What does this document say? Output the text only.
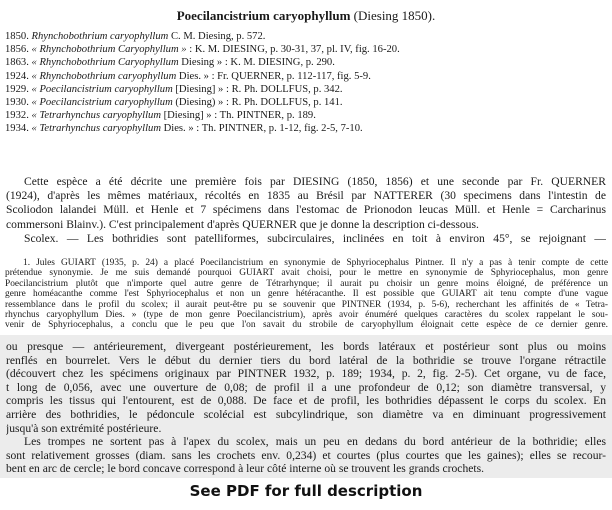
Poecilancistrium caryophyllum (Diesing 1850).
1850. Rhynchobothrium caryophyllum C. M. Diesing, p. 572.
1856. « Rhynchobothrium Caryophyllum » : K. M. DIESING, p. 30-31, 37, pl. IV, fig. 16-20.
1863. « Rhynchobothrium Caryophyllum Diesing » : K. M. DIESING, p. 290.
1924. « Rhynchobothrium caryophyllum Dies. » : Fr. QUERNER, p. 112-117, fig. 5-9.
1929. « Poecilancistrium caryophyllum [Diesing] » : R. Ph. DOLLFUS, p. 342.
1930. « Poecilancistrium caryophyllum (Diesing) » : R. Ph. DOLLFUS, p. 141.
1932. « Tetrarhynchus caryophyllum [Diesing] » : Th. PINTNER, p. 189.
1934. « Tetrarhynchus caryophyllum Dies. » : Th. PINTNER, p. 1-12, fig. 2-5, 7-10.
Cette espèce a été décrite une première fois par DIESING (1850, 1856) et une seconde par Fr. QUERNER
(1924), d'après les mêmes matériaux, récoltés en 1835 au Brésil par NATTERER (30 specimens dans l'intestin de
Scoliodon lalandei Müll. et Henle et 7 spécimens dans l'estomac de Prionodon leucas Müll. et Henle = Carcharinus
commersoni Blainv.). C'est principalement d'après QUERNER que je donne la description ci-dessous.
Scolex. — Les bothridies sont patelliformes, subcirculaires, inclinées en toit à environ 45°, se rejoignant —
1. Jules GUIART (1935, p. 24) a placé Poecilancistrium en synonymie de Sphyriocephalus Pintner. Il n'y a pas à tenir compte de cette
prétendue synonymie. Je me suis demandé pourquoi GUIART avait choisi, pour le mettre en synonymie de Sphyriocephalus, mon genre
Poecilancistrium plutôt que n'importe quel autre genre de Tétrarhynque; il aurait pu choisir un genre moins éloigné, de préférence un
genre homéacanthe comme l'est Sphyriocephalus et non un genre hétéracanthe. Il est possible que GUIART ait tenu compte d'une vague
ressemblance dans le profil du scolex; il aurait peut-être pu se souvenir que PINTNER (1934, p. 5-6), recherchant les affinités de « Tetra-
rhynchus caryophyllum Dies. » (type de mon genre Poecilancistrium), après avoir énuméré quelques caractères du scolex rappelant le sou-
venir de Sphyriocephalus, a conclu que le peu que l'on savait du strobile de caryophyllum éloignait cette espèce de ce dernier genre.
ou presque — antérieurement, divergeant postérieurement, les bords latéraux et postérieur sont plus ou moins
renflés en bourrelet. Vers le début du dernier tiers du bord latéral de la bothridie se trouve l'organe rétractile
(découvert chez les spécimens originaux par PINTNER 1932, p. 189; 1934, p. 2, fig. 2-5). Cet organe, vu de face,
t long de 0,056, avec une ouverture de 0,08; de profil il a une profondeur de 0,12; son diamètre transversal, y
compris les tissus qui l'entourent, est de 0,088. De face et de profil, les bothridies dépassent le corps du scolex. En
arrière des bothridies, le pédoncule scolécial est subcylindrique, son diamètre va en diminuant progressivement
jusqu'à son extrémité postérieure.
Les trompes ne sortent pas à l'apex du scolex, mais un peu en dedans du bord antérieur de la bothridie; elles
sont relativement grosses (diam. sans les crochets env. 0,234) et courtes (plus courtes que les gaines); elles se recour-
bent en arc de cercle; le bord concave correspond à leur côté interne où se trouvent les grands crochets.
See PDF for full description
